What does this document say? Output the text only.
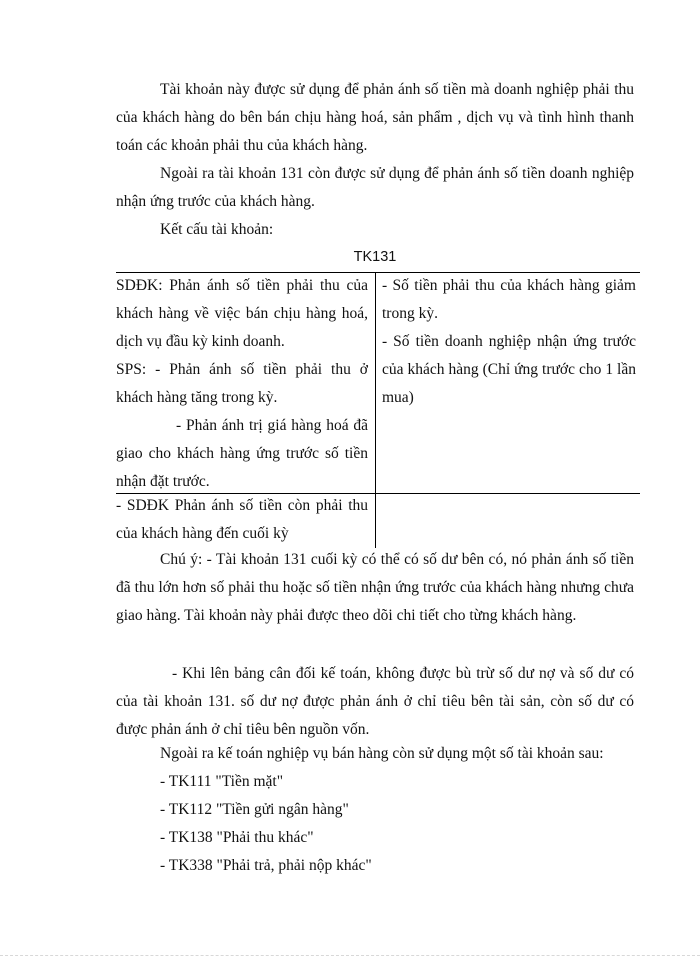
Tài khoản này được sử dụng để phản ánh số tiền mà doanh nghiệp phải thu của khách hàng do bên bán chịu hàng hoá, sản phẩm , dịch vụ và tình hình thanh toán các khoản phải thu của khách hàng.
Ngoài ra tài khoản 131 còn được sử dụng để phản ánh số tiền doanh nghiệp nhận ứng trước của khách hàng.
Kết cấu tài khoản:
TK131
SDĐK: Phản ánh số tiền phải thu của khách hàng về việc bán chịu hàng hoá, dịch vụ đầu kỳ kinh doanh.
SPS: - Phản ánh số tiền phải thu ở khách hàng tăng trong kỳ.
- Phản ánh trị giá hàng hoá đã giao cho khách hàng ứng trước số tiền nhận đặt trước.
- Số tiền phải thu của khách hàng giảm trong kỳ.
- Số tiền doanh nghiệp nhận ứng trước của khách hàng (Chỉ ứng trước cho 1 lần mua)
- SDĐK Phản ánh số tiền còn phải thu của khách hàng đến cuối kỳ
Chú ý: - Tài khoản 131 cuối kỳ có thể có số dư bên có, nó phản ánh số tiền đã thu lớn hơn số phải thu hoặc số tiền nhận ứng trước của khách hàng nhưng chưa giao hàng. Tài khoản này phải được theo dõi chi tiết cho từng khách hàng.
- Khi lên bảng cân đối kế toán, không được bù trừ số dư nợ và số dư có của tài khoản 131. số dư nợ được phản ánh ở chỉ tiêu bên tài sản, còn số dư có được phản ánh ở chỉ tiêu bên nguồn vốn.
Ngoài ra kế toán nghiệp vụ bán hàng còn sử dụng một số tài khoản sau:
- TK111 "Tiền mặt"
- TK112 "Tiền gửi ngân hàng"
- TK138 "Phải thu khác"
- TK338 "Phải trả, phải nộp khác"
